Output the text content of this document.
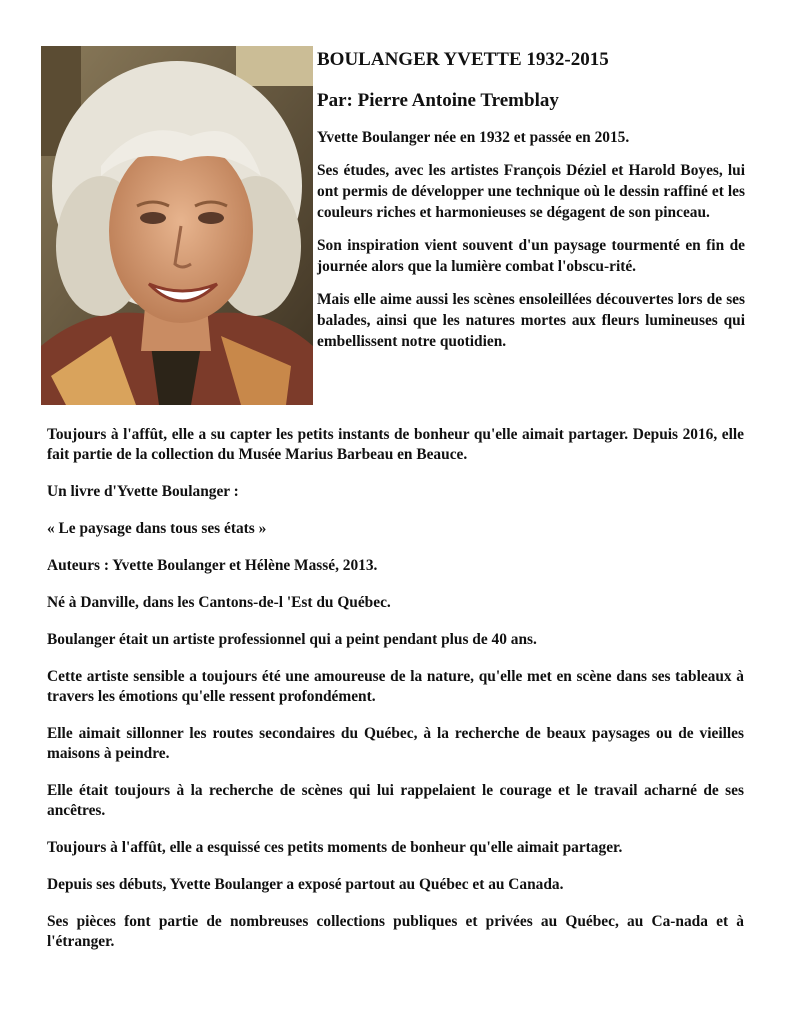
BOULANGER YVETTE 1932-2015
Par: Pierre Antoine Tremblay

Yvette Boulanger née en 1932 et passée en 2015.

Ses études, avec les artistes François Déziel et Harold Boyes, lui ont permis de développer une technique où le dessin raffiné et les couleurs riches et harmonieuses se dégagent de son pinceau.

Son inspiration vient souvent d'un paysage tourmenté en fin de journée alors que la lumière combat l'obscu-rité.

Mais elle aime aussi les scènes ensoleillées découvertes lors de ses balades, ainsi que les natures mortes aux fleurs lumineuses qui embellissent notre quotidien.

Toujours à l'affût, elle a su capter les petits instants de bonheur qu'elle aimait partager. Depuis 2016, elle fait partie de la collection du Musée Marius Barbeau en Beauce.

Un livre d'Yvette Boulanger :

« Le paysage dans tous ses états »

Auteurs : Yvette Boulanger et Hélène Massé, 2013.

Né à Danville, dans les Cantons-de-l 'Est du Québec.

Boulanger était un artiste professionnel qui a peint pendant plus de 40 ans.

Cette artiste sensible a toujours été une amoureuse de la nature, qu'elle met en scène dans ses tableaux à travers les émotions qu'elle ressent profondément.

Elle aimait sillonner les routes secondaires du Québec, à la recherche de beaux paysages ou de vieilles maisons à peindre.

Elle était toujours à la recherche de scènes qui lui rappelaient le courage et le travail acharné de ses ancêtres.

Toujours à l'affût, elle a esquissé ces petits moments de bonheur qu'elle aimait partager.

Depuis ses débuts, Yvette Boulanger a exposé partout au Québec et au Canada.

Ses pièces font partie de nombreuses collections publiques et privées au Québec, au Ca-nada et à l'étranger.
